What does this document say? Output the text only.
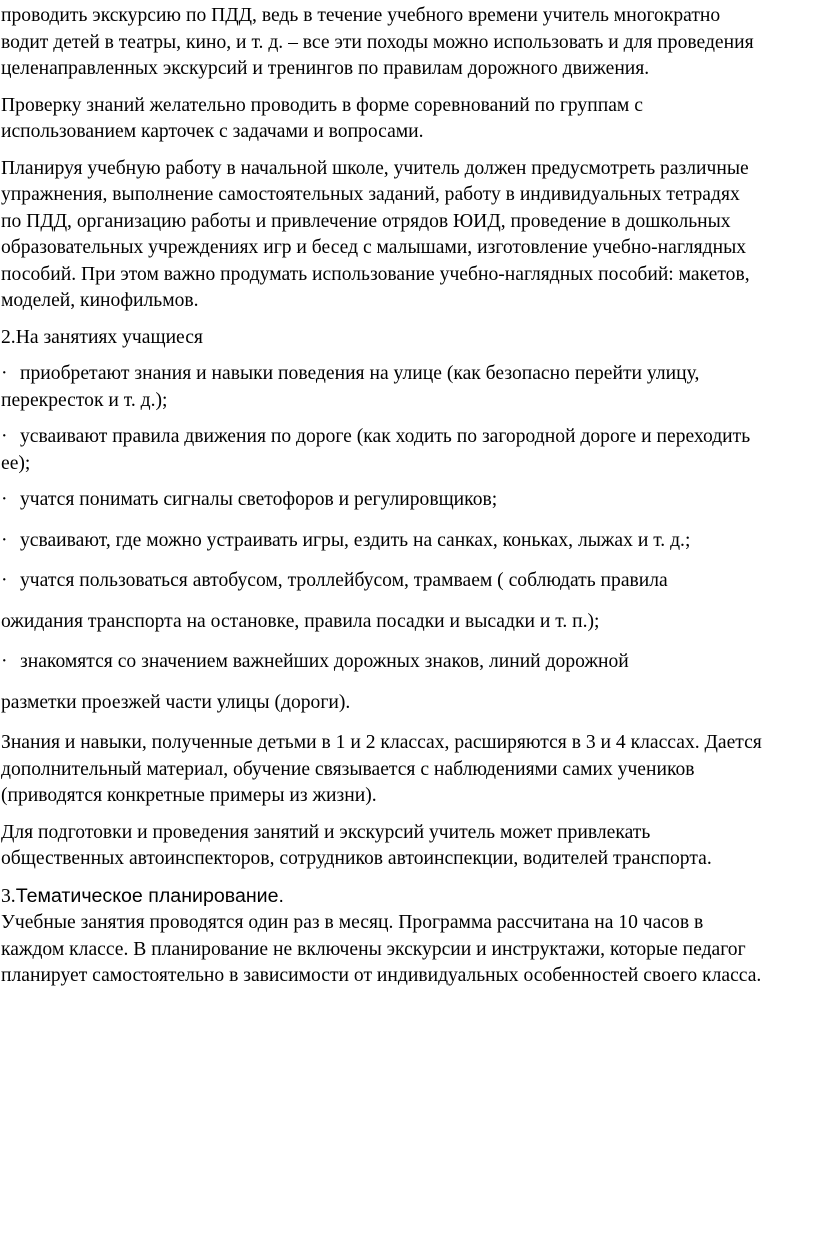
проводить экскурсию по ПДД, ведь в течение учебного времени учитель многократно
водит детей в театры, кино, и т. д. – все эти походы можно использовать и для проведения
целенаправленных экскурсий и тренингов по правилам дорожного движения.

Проверку знаний желательно проводить в форме соревнований по группам с
использованием карточек с задачами и вопросами.

Планируя учебную работу в начальной школе, учитель должен предусмотреть различные
упражнения, выполнение самостоятельных заданий, работу в индивидуальных тетрадях
по ПДД, организацию работы и привлечение отрядов ЮИД, проведение в дошкольных
образовательных учреждениях игр и бесед с малышами, изготовление учебно-наглядных
пособий. При этом важно продумать использование учебно-наглядных пособий: макетов,
моделей, кинофильмов.

2.На занятиях учащиеся

· приобретают знания и навыки поведения на улице (как безопасно перейти улицу,
перекресток и т. д.);

· усваивают правила движения по дороге (как ходить по загородной дороге и переходить
ее);

· учатся понимать сигналы светофоров и регулировщиков;

· усваивают, где можно устраивать игры, ездить на санках, коньках, лыжах и т. д.;

· учатся пользоваться автобусом, троллейбусом, трамваем ( соблюдать правила

ожидания транспорта на остановке, правила посадки и высадки и т. п.);

· знакомятся со значением важнейших дорожных знаков, линий дорожной

разметки проезжей части улицы (дороги).

Знания и навыки, полученные детьми в 1 и 2 классах, расширяются в 3 и 4 классах. Дается
дополнительный материал, обучение связывается с наблюдениями самих учеников
(приводятся конкретные примеры из жизни).

Для подготовки и проведения занятий и экскурсий учитель может привлекать
общественных автоинспекторов, сотрудников автоинспекции, водителей транспорта.

3.Тематическое планирование.
Учебные занятия проводятся один раз в месяц. Программа рассчитана на 10 часов в
каждом классе. В планирование не включены экскурсии и инструктажи, которые педагог
планирует самостоятельно в зависимости от индивидуальных особенностей своего класса.
